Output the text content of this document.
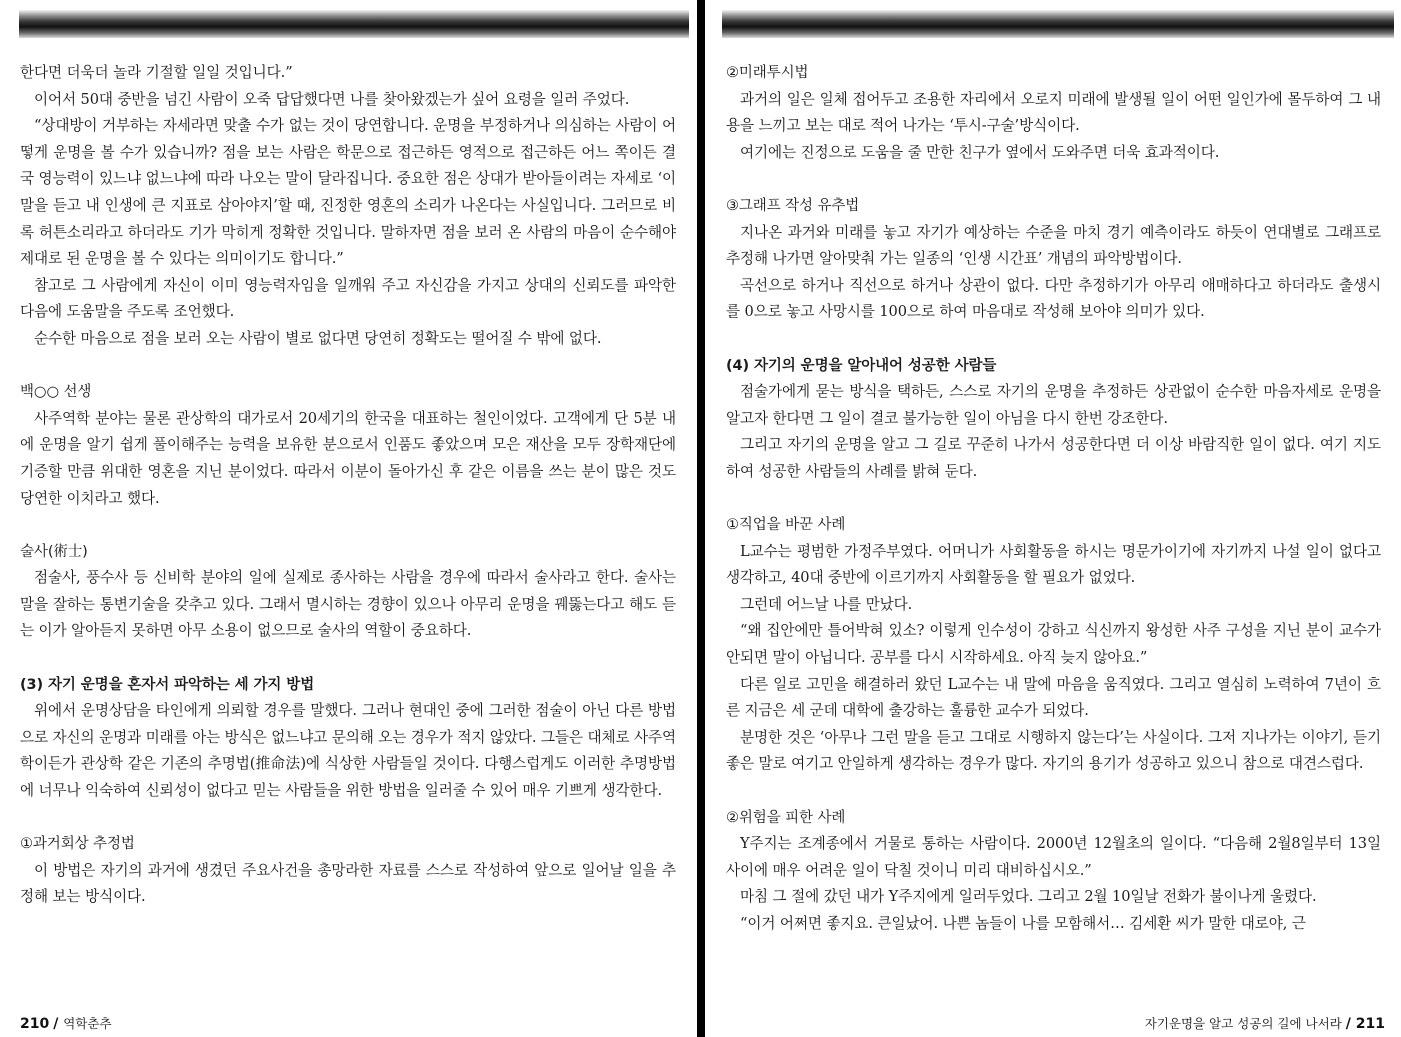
한다면 더욱더 놀라 기절할 일일 것입니다.”

이어서 50대 중반을 넘긴 사람이 오죽 답답했다면 나를 찾아왔겠는가 싶어 요령을 일러 주었다.

“상대방이 거부하는 자세라면 맞출 수가 없는 것이 당연합니다. 운명을 부정하거나 의심하는 사람이 어떻게 운명을 볼 수가 있습니까? 점을 보는 사람은 학문으로 접근하든 영적으로 접근하든 어느 쪽이든 결국 영능력이 있느냐 없느냐에 따라 나오는 말이 달라집니다. 중요한 점은 상대가 받아들이려는 자세로 ‘이 말을 듣고 내 인생에 큰 지표로 삼아야지’할 때, 진정한 영혼의 소리가 나온다는 사실입니다. 그러므로 비록 허튼소리라고 하더라도 기가 막히게 정확한 것입니다. 말하자면 점을 보러 온 사람의 마음이 순수해야 제대로 된 운명을 볼 수 있다는 의미이기도 합니다.”

참고로 그 사람에게 자신이 이미 영능력자임을 일깨워 주고 자신감을 가지고 상대의 신뢰도를 파악한 다음에 도움말을 주도록 조언했다.

순수한 마음으로 점을 보러 오는 사람이 별로 없다면 당연히 정확도는 떨어질 수 밖에 없다.

백○○ 선생

사주역학 분야는 물론 관상학의 대가로서 20세기의 한국을 대표하는 철인이었다. 고객에게 단 5분 내에 운명을 알기 쉽게 풀이해주는 능력을 보유한 분으로서 인품도 좋았으며 모은 재산을 모두 장학재단에 기증할 만큼 위대한 영혼을 지닌 분이었다. 따라서 이분이 돌아가신 후 같은 이름을 쓰는 분이 많은 것도 당연한 이치라고 했다.

술사(術士)

점술사, 풍수사 등 신비학 분야의 일에 실제로 종사하는 사람을 경우에 따라서 술사라고 한다. 술사는 말을 잘하는 통변기술을 갖추고 있다. 그래서 멸시하는 경향이 있으나 아무리 운명을 꿰뚫는다고 해도 듣는 이가 알아듣지 못하면 아무 소용이 없으므로 술사의 역할이 중요하다.

(3) 자기 운명을 혼자서 파악하는 세 가지 방법

위에서 운명상담을 타인에게 의뢰할 경우를 말했다. 그러나 현대인 중에 그러한 점술이 아닌 다른 방법으로 자신의 운명과 미래를 아는 방식은 없느냐고 문의해 오는 경우가 적지 않았다. 그들은 대체로 사주역학이든가 관상학 같은 기존의 추명법(推命法)에 식상한 사람들일 것이다. 다행스럽게도 이러한 추명방법에 너무나 익숙하여 신뢰성이 없다고 믿는 사람들을 위한 방법을 일러줄 수 있어 매우 기쁘게 생각한다.

①과거회상 추정법

이 방법은 자기의 과거에 생겼던 주요사건을 총망라한 자료를 스스로 작성하여 앞으로 일어날 일을 추정해 보는 방식이다.

210 / 역학춘추
②미래투시법

과거의 일은 일체 접어두고 조용한 자리에서 오로지 미래에 발생될 일이 어떤 일인가에 몰두하여 그 내용을 느끼고 보는 대로 적어 나가는 ‘투시-구술’방식이다.

여기에는 진정으로 도움을 줄 만한 친구가 옆에서 도와주면 더욱 효과적이다.

③그래프 작성 유추법

지나온 과거와 미래를 놓고 자기가 예상하는 수준을 마치 경기 예측이라도 하듯이 연대별로 그래프로 추정해 나가면 알아맞춰 가는 일종의 ‘인생 시간표’ 개념의 파악방법이다.

곡선으로 하거나 직선으로 하거나 상관이 없다. 다만 추정하기가 아무리 애매하다고 하더라도 출생시를 0으로 놓고 사망시를 100으로 하여 마음대로 작성해 보아야 의미가 있다.

(4) 자기의 운명을 알아내어 성공한 사람들

점술가에게 묻는 방식을 택하든, 스스로 자기의 운명을 추정하든 상관없이 순수한 마음자세로 운명을 알고자 한다면 그 일이 결코 불가능한 일이 아님을 다시 한번 강조한다.

그리고 자기의 운명을 알고 그 길로 꾸준히 나가서 성공한다면 더 이상 바람직한 일이 없다. 여기 지도하여 성공한 사람들의 사례를 밝혀 둔다.

①직업을 바꾼 사례

L교수는 평범한 가정주부였다. 어머니가 사회활동을 하시는 명문가이기에 자기까지 나설 일이 없다고 생각하고, 40대 중반에 이르기까지 사회활동을 할 필요가 없었다.

그런데 어느날 나를 만났다.

“왜 집안에만 틀어박혀 있소? 이렇게 인수성이 강하고 식신까지 왕성한 사주 구성을 지닌 분이 교수가 안되면 말이 아닙니다. 공부를 다시 시작하세요. 아직 늦지 않아요.”

다른 일로 고민을 해결하러 왔던 L교수는 내 말에 마음을 움직였다. 그리고 열심히 노력하여 7년이 흐른 지금은 세 군데 대학에 출강하는 훌륭한 교수가 되었다.

분명한 것은 ‘아무나 그런 말을 듣고 그대로 시행하지 않는다’는 사실이다. 그저 지나가는 이야기, 듣기 좋은 말로 여기고 안일하게 생각하는 경우가 많다. 자기의 용기가 성공하고 있으니 참으로 대견스럽다.

②위험을 피한 사례

Y주지는 조계종에서 거물로 통하는 사람이다. 2000년 12월초의 일이다. “다음해 2월8일부터 13일 사이에 매우 어려운 일이 닥칠 것이니 미리 대비하십시오.”

마침 그 절에 갔던 내가 Y주지에게 일러두었다. 그리고 2월 10일날 전화가 불이나게 울렸다.

“이거 어쩌면 좋지요. 큰일났어. 나쁜 놈들이 나를 모함해서… 김세환 씨가 말한 대로야, 근

자기운명을 알고 성공의 길에 나서라 / 211
